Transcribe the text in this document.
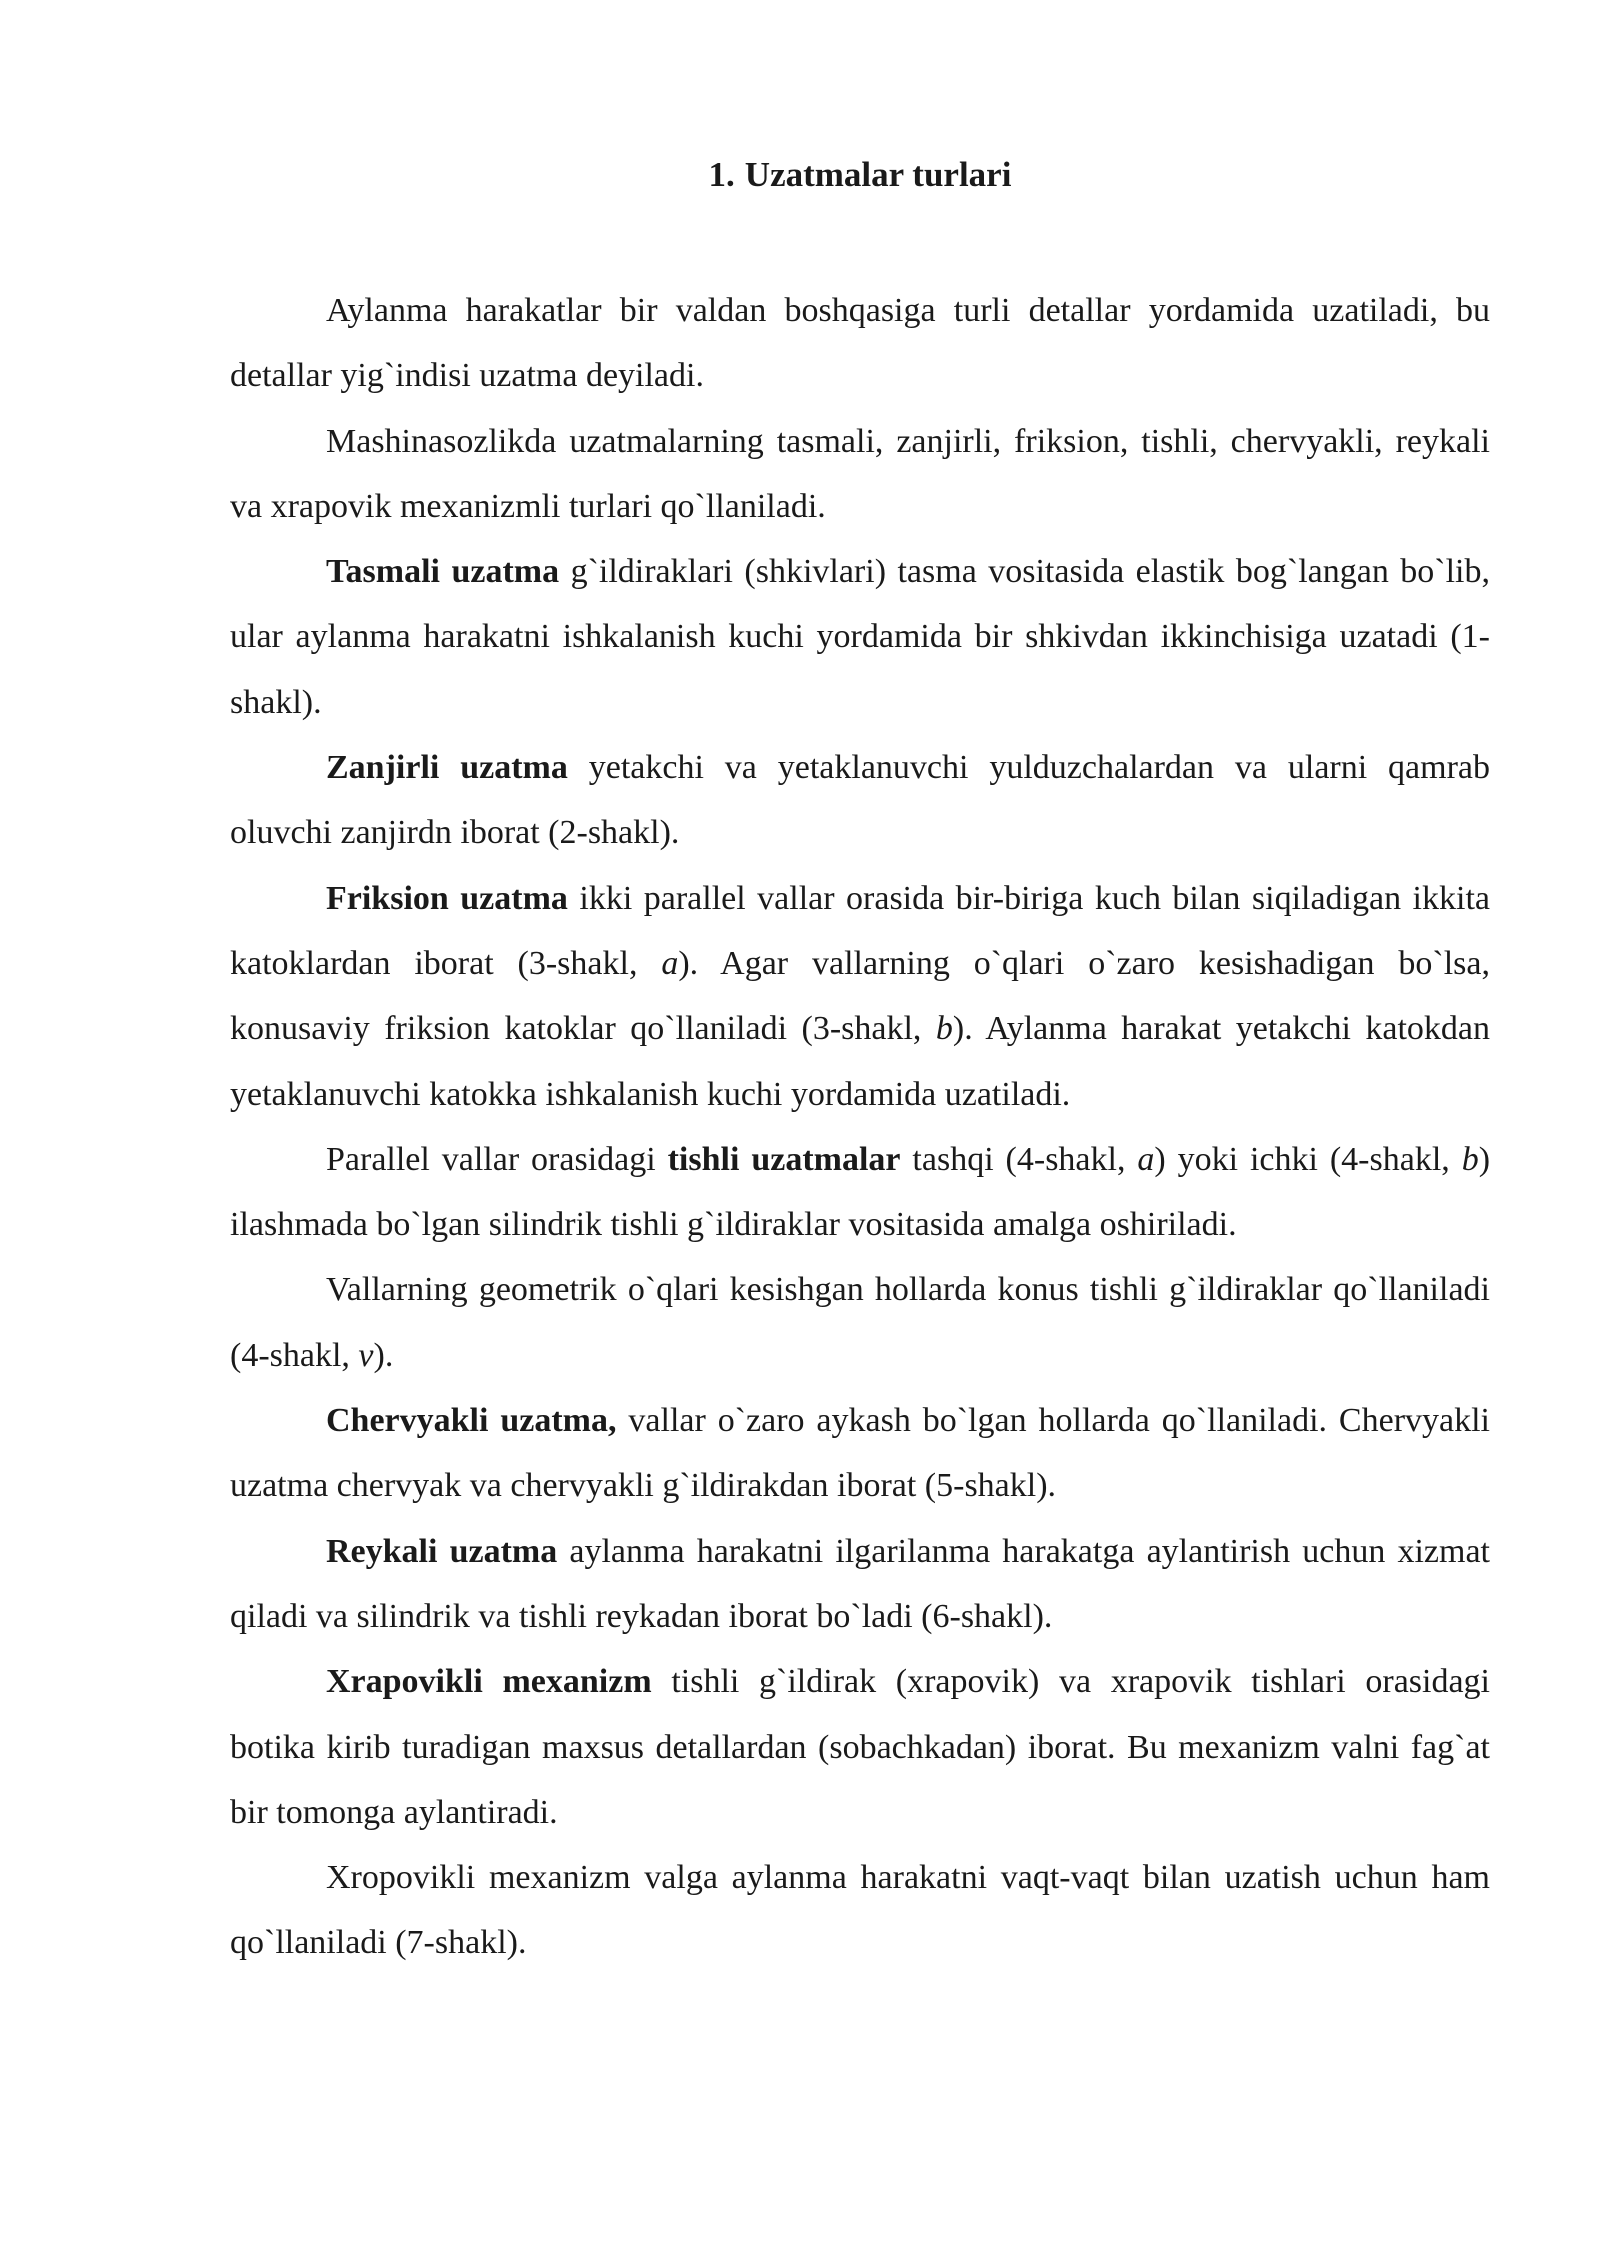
1. Uzatmalar turlari

Aylanma harakatlar bir valdan boshqasiga turli detallar yordamida uzatiladi, bu detallar yig`indisi uzatma deyiladi.

Mashinasozlikda uzatmalarning tasmali, zanjirli, friksion, tishli, chervyakli, reykali va xrapovik mexanizmli turlari qo`llaniladi.

Tasmali uzatma g`ildiraklari (shkivlari) tasma vositasida elastik bog`langan bo`lib, ular aylanma harakatni ishkalanish kuchi yordamida bir shkivdan ikkinchisiga uzatadi (1-shakl).

Zanjirli uzatma yetakchi va yetaklanuvchi yulduzchalardan va ularni qamrab oluvchi zanjirdn iborat (2-shakl).

Friksion uzatma ikki parallel vallar orasida bir-biriga kuch bilan siqiladigan ikkita katoklardan iborat (3-shakl, a). Agar vallarning o`qlari o`zaro kesishadigan bo`lsa, konusaviy friksion katoklar qo`llaniladi (3-shakl, b). Aylanma harakat yetakchi katokdan yetaklanuvchi katokka ishkalanish kuchi yordamida uzatiladi.

Parallel vallar orasidagi tishli uzatmalar tashqi (4-shakl, a) yoki ichki (4-shakl, b) ilashmada bo`lgan silindrik tishli g`ildiraklar vositasida amalga oshiriladi.

Vallarning geometrik o`qlari kesishgan hollarda konus tishli g`ildiraklar qo`llaniladi (4-shakl, v).

Chervyakli uzatma, vallar o`zaro aykash bo`lgan hollarda qo`llaniladi. Chervyakli uzatma chervyak va chervyakli g`ildirakdan iborat (5-shakl).

Reykali uzatma aylanma harakatni ilgarilanma harakatga aylantirish uchun xizmat qiladi va silindrik va tishli reykadan iborat bo`ladi (6-shakl).

Xrapovikli mexanizm tishli g`ildirak (xrapovik) va xrapovik tishlari orasidagi botika kirib turadigan maxsus detallardan (sobachkadan) iborat. Bu mexanizm valni fag`at bir tomonga aylantiradi.

Xropovikli mexanizm valga aylanma harakatni vaqt-vaqt bilan uzatish uchun ham qo`llaniladi (7-shakl).
